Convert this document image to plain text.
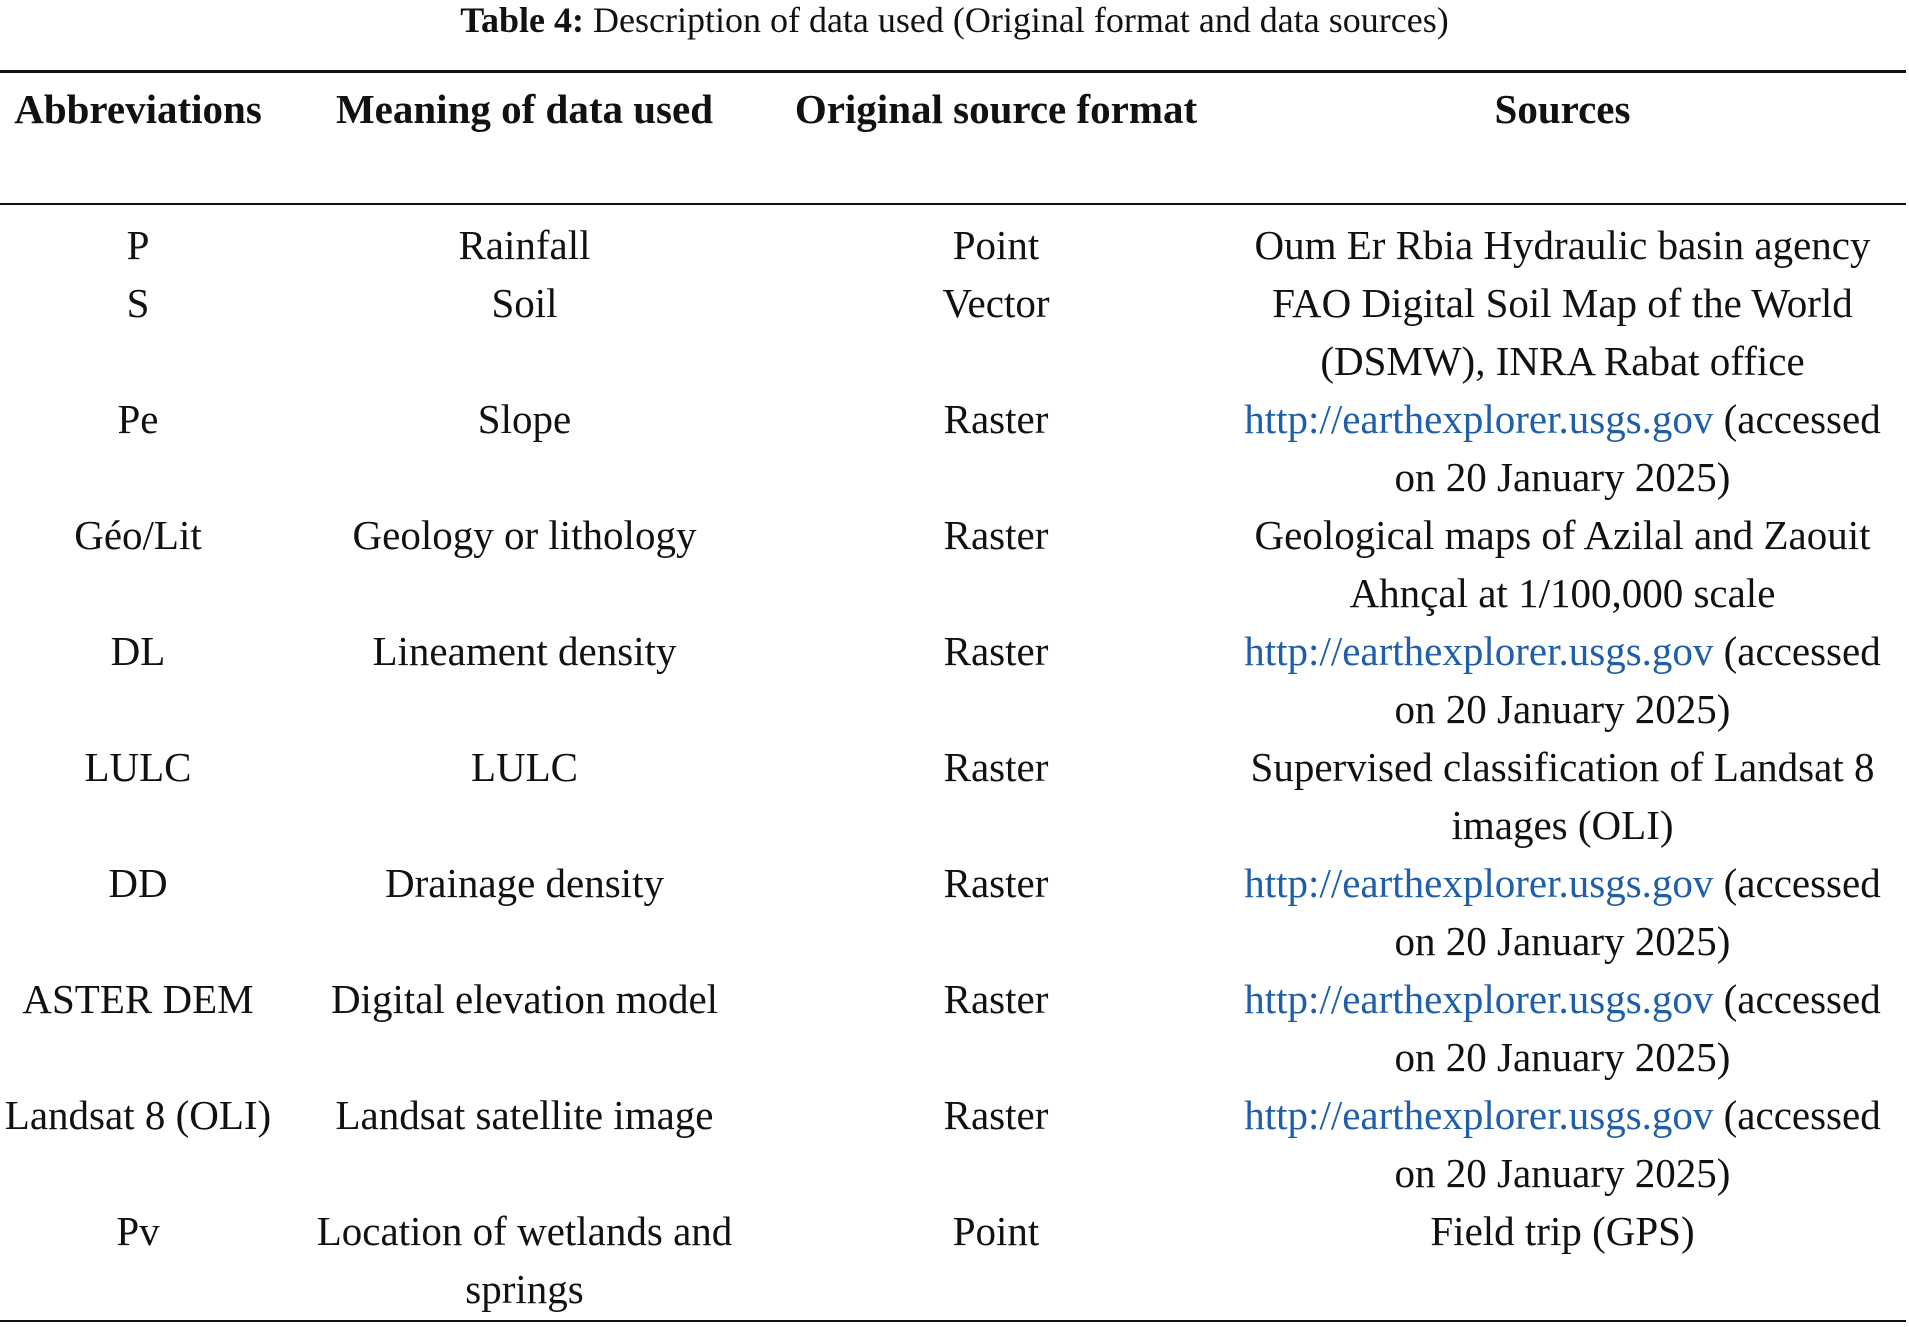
Table 4: Description of data used (Original format and data sources)
Abbreviations	Meaning of data used	Original source format	Sources
P	Rainfall	Point	Oum Er Rbia Hydraulic basin agency
S	Soil	Vector	FAO Digital Soil Map of the World (DSMW), INRA Rabat office
Pe	Slope	Raster	http://earthexplorer.usgs.gov (accessed on 20 January 2025)
Géo/Lit	Geology or lithology	Raster	Geological maps of Azilal and Zaouit Ahnçal at 1/100,000 scale
DL	Lineament density	Raster	http://earthexplorer.usgs.gov (accessed on 20 January 2025)
LULC	LULC	Raster	Supervised classification of Landsat 8 images (OLI)
DD	Drainage density	Raster	http://earthexplorer.usgs.gov (accessed on 20 January 2025)
ASTER DEM	Digital elevation model	Raster	http://earthexplorer.usgs.gov (accessed on 20 January 2025)
Landsat 8 (OLI)	Landsat satellite image	Raster	http://earthexplorer.usgs.gov (accessed on 20 January 2025)
Pv	Location of wetlands and springs	Point	Field trip (GPS)
